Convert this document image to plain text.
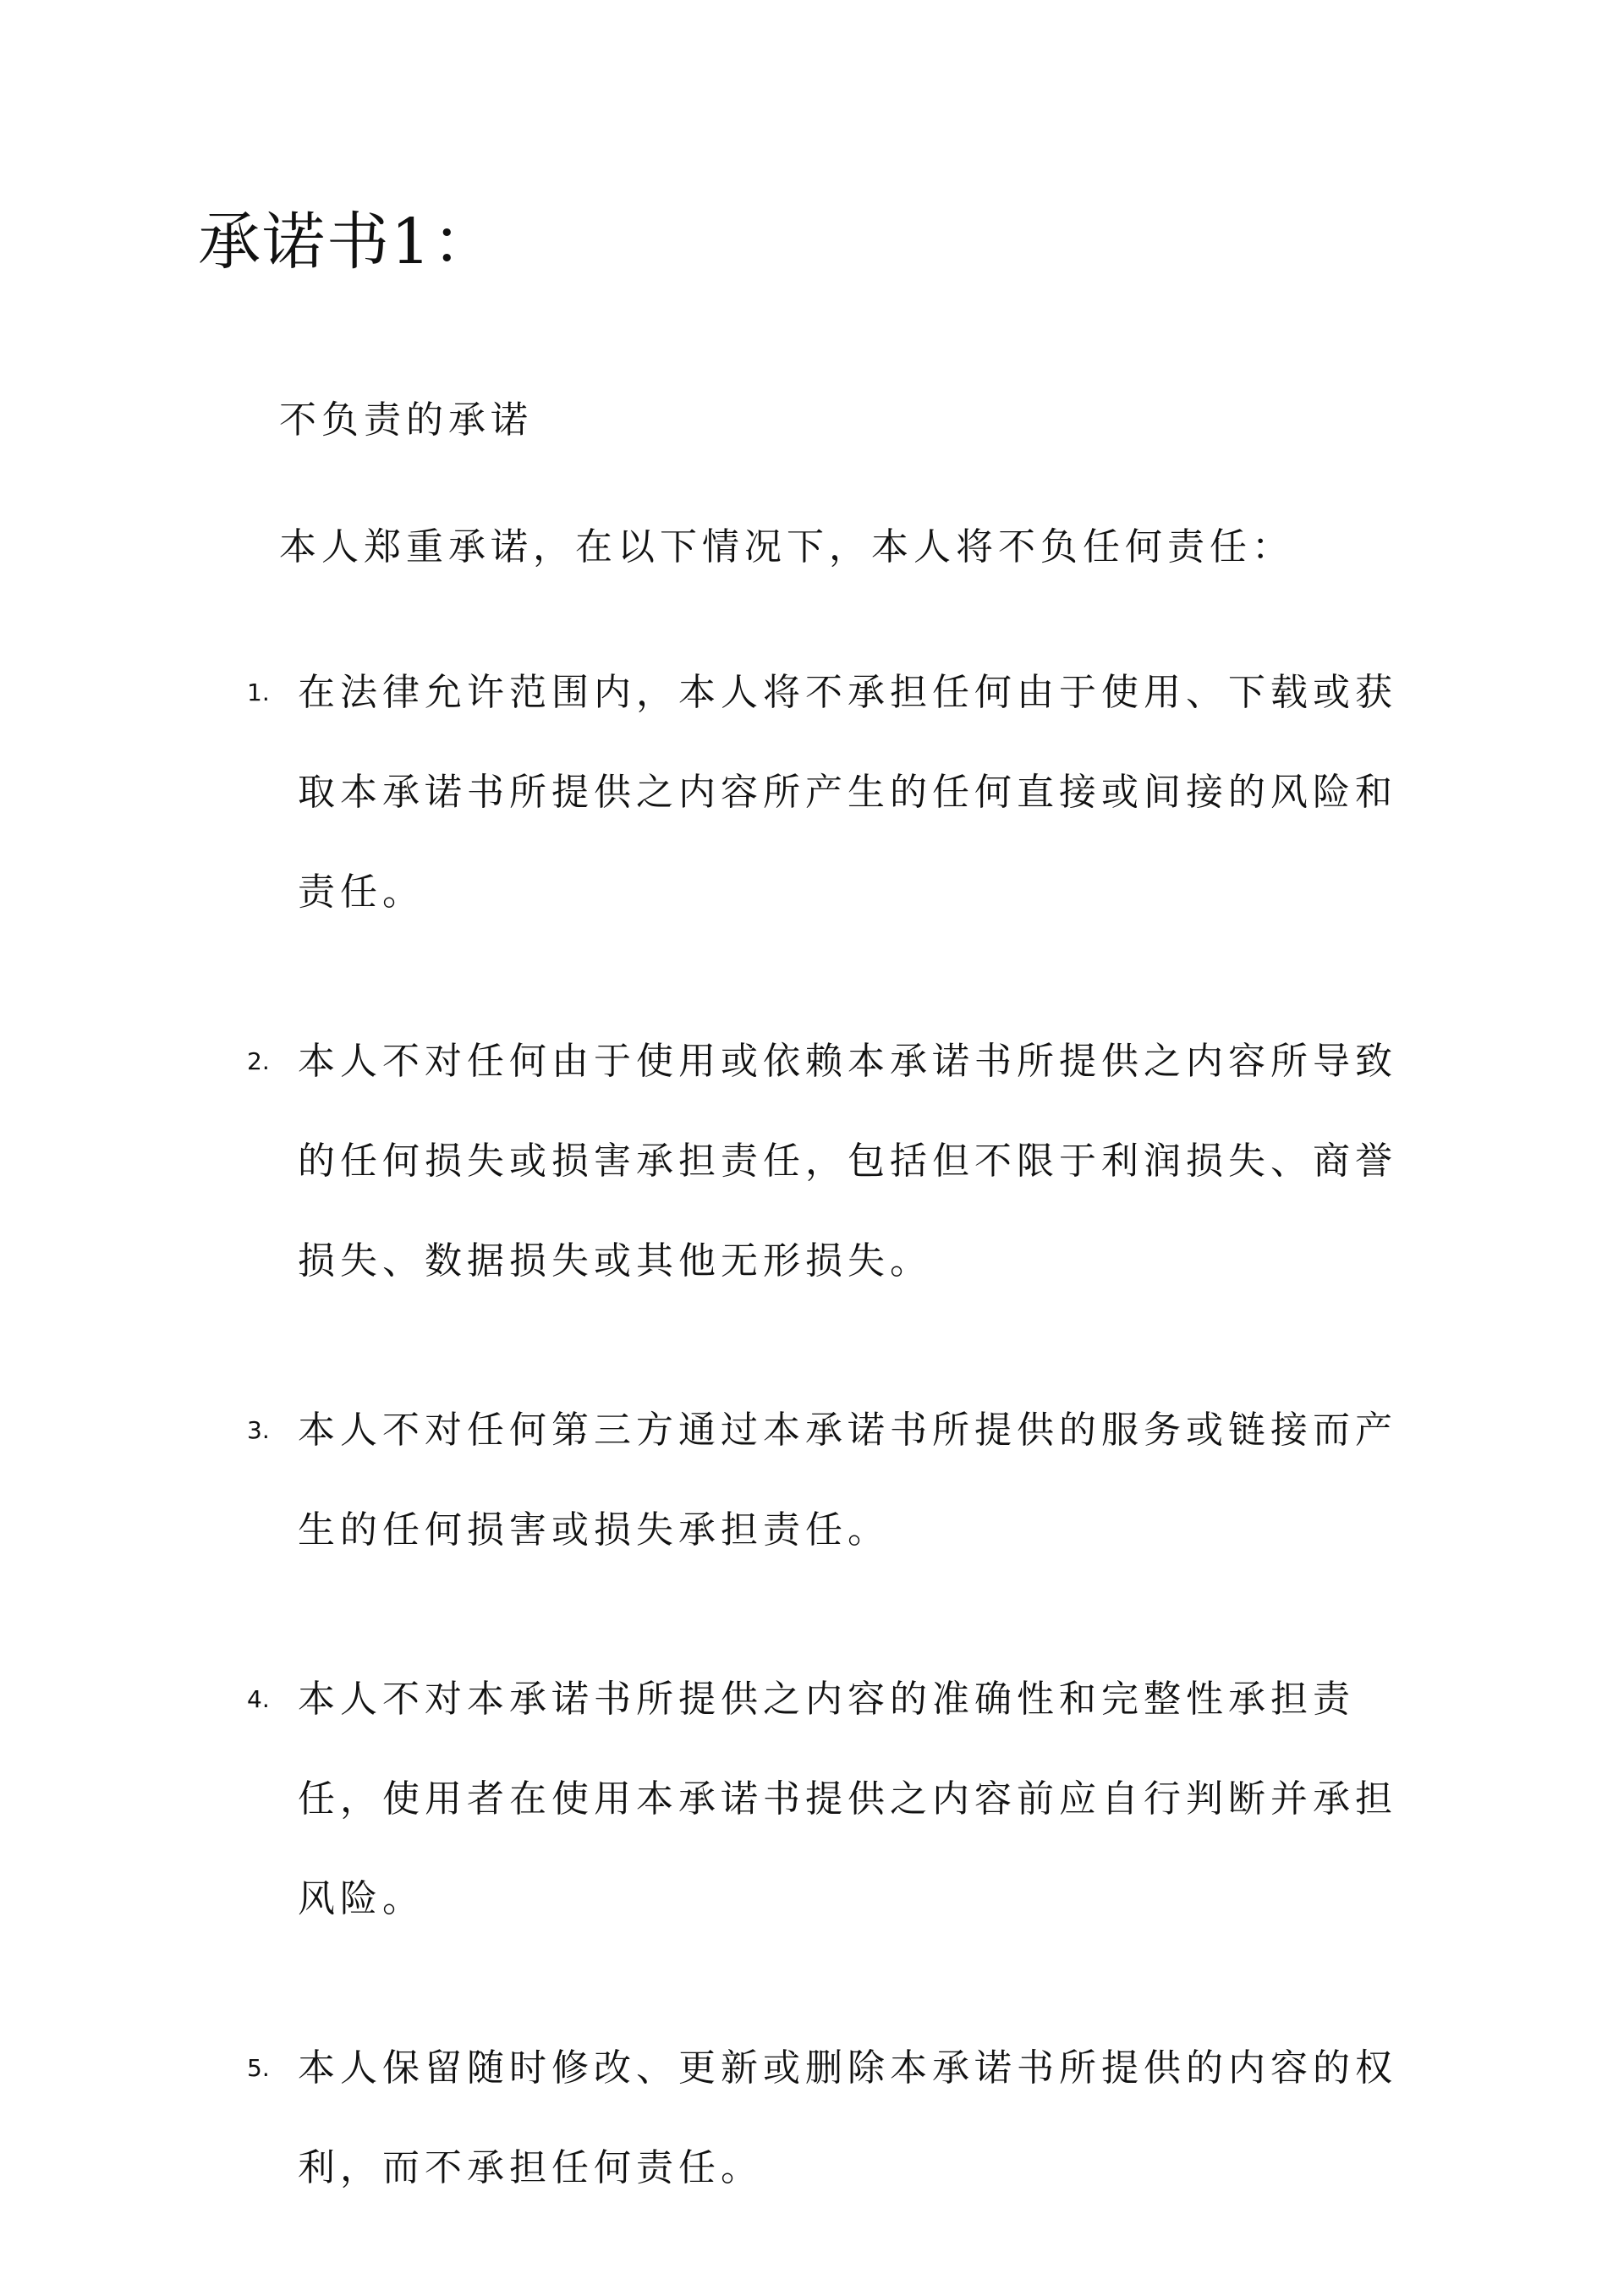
承诺书1：

不负责的承诺

本人郑重承诺，在以下情况下，本人将不负任何责任：

1. 在法律允许范围内，本人将不承担任何由于使用、下载或获取本承诺书所提供之内容所产生的任何直接或间接的风险和责任。
2. 本人不对任何由于使用或依赖本承诺书所提供之内容所导致的任何损失或损害承担责任，包括但不限于利润损失、商誉损失、数据损失或其他无形损失。
3. 本人不对任何第三方通过本承诺书所提供的服务或链接而产生的任何损害或损失承担责任。
4. 本人不对本承诺书所提供之内容的准确性和完整性承担责任，使用者在使用本承诺书提供之内容前应自行判断并承担风险。
5. 本人保留随时修改、更新或删除本承诺书所提供的内容的权利，而不承担任何责任。
